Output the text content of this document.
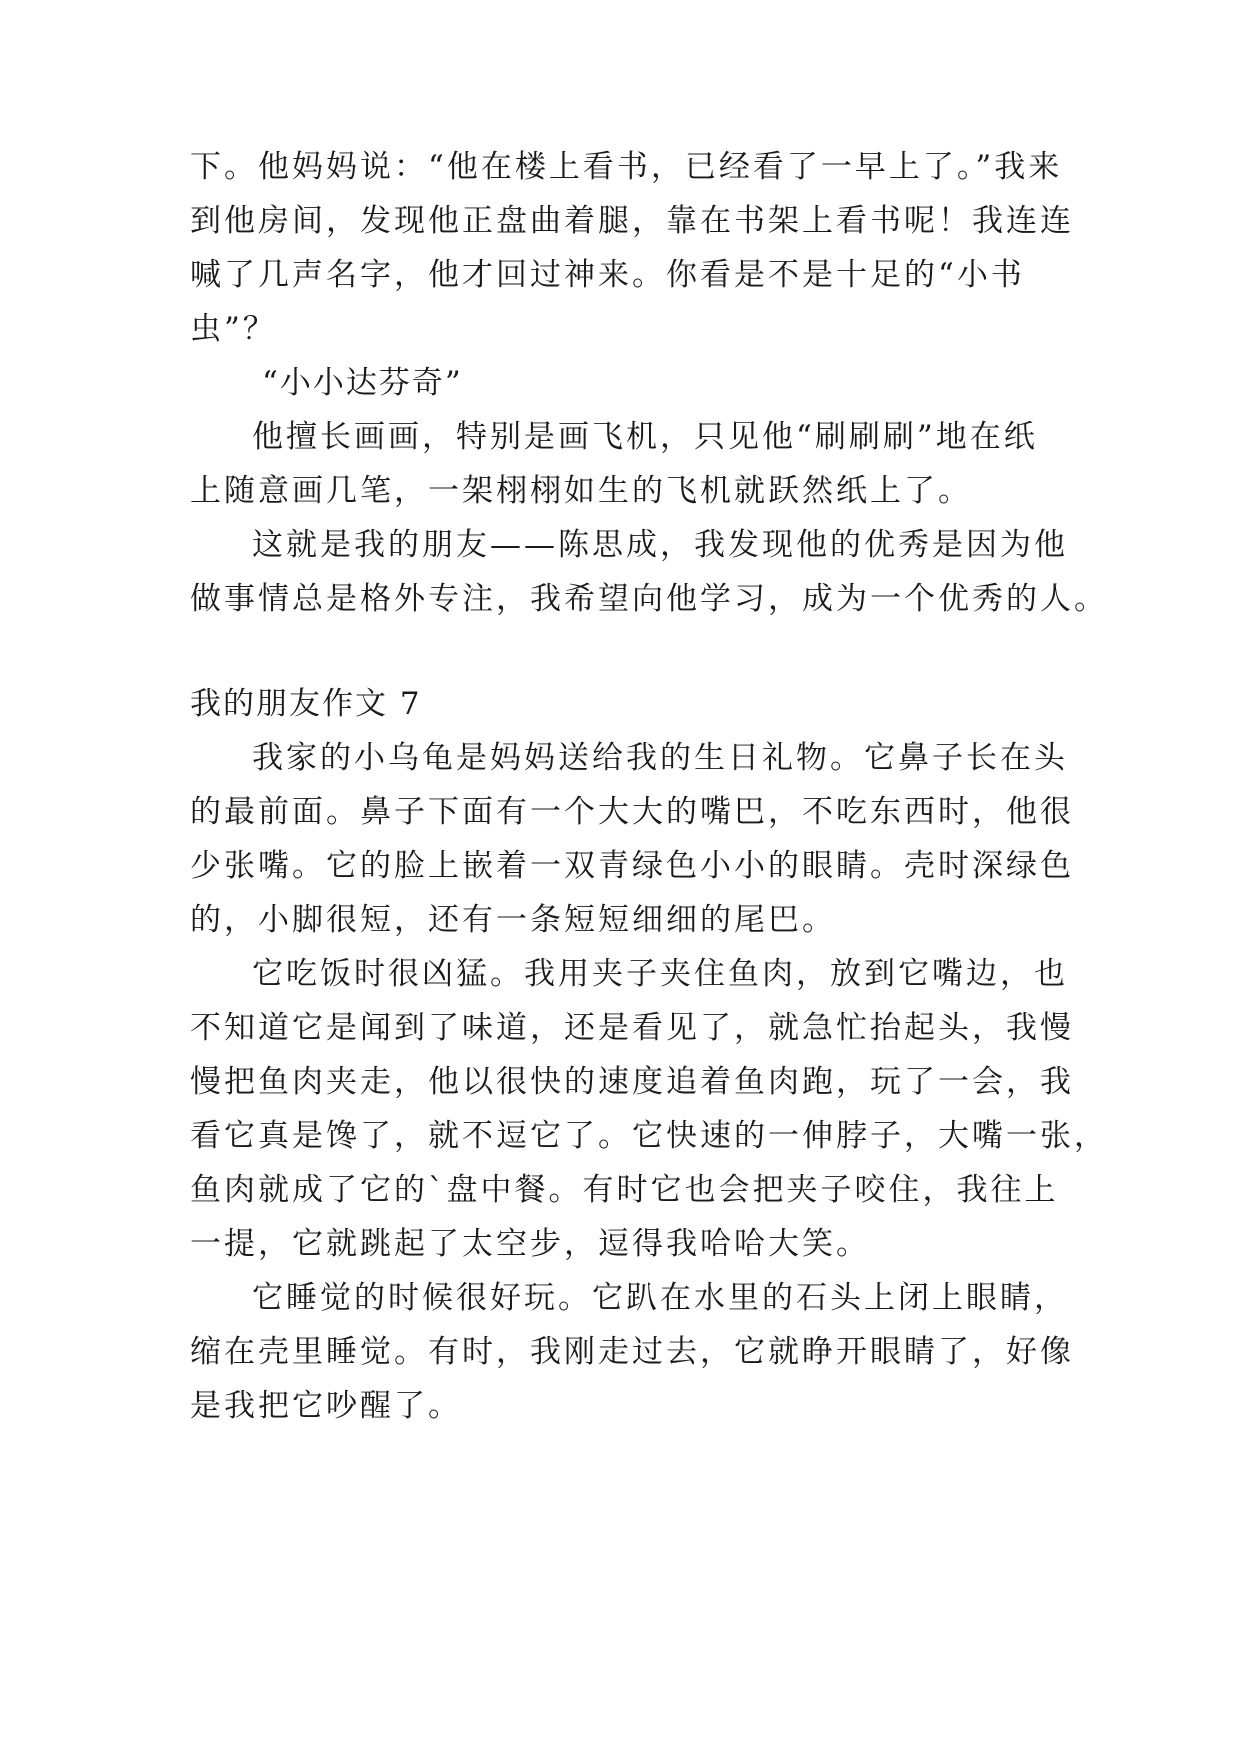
下。他妈妈说：“他在楼上看书，已经看了一早上了。”我来
到他房间，发现他正盘曲着腿，靠在书架上看书呢！我连连
喊了几声名字，他才回过神来。你看是不是十足的“小书
虫”？
“小小达芬奇”
他擅长画画，特别是画飞机，只见他“刷刷刷”地在纸
上随意画几笔，一架栩栩如生的飞机就跃然纸上了。
这就是我的朋友——陈思成，我发现他的优秀是因为他
做事情总是格外专注，我希望向他学习，成为一个优秀的人。
我的朋友作文 7
我家的小乌龟是妈妈送给我的生日礼物。它鼻子长在头
的最前面。鼻子下面有一个大大的嘴巴，不吃东西时，他很
少张嘴。它的脸上嵌着一双青绿色小小的眼睛。壳时深绿色
的，小脚很短，还有一条短短细细的尾巴。
它吃饭时很凶猛。我用夹子夹住鱼肉，放到它嘴边，也
不知道它是闻到了味道，还是看见了，就急忙抬起头，我慢
慢把鱼肉夹走，他以很快的速度追着鱼肉跑，玩了一会，我
看它真是馋了，就不逗它了。它快速的一伸脖子，大嘴一张，
鱼肉就成了它的`盘中餐。有时它也会把夹子咬住，我往上
一提，它就跳起了太空步，逗得我哈哈大笑。
它睡觉的时候很好玩。它趴在水里的石头上闭上眼睛，
缩在壳里睡觉。有时，我刚走过去，它就睁开眼睛了，好像
是我把它吵醒了。
